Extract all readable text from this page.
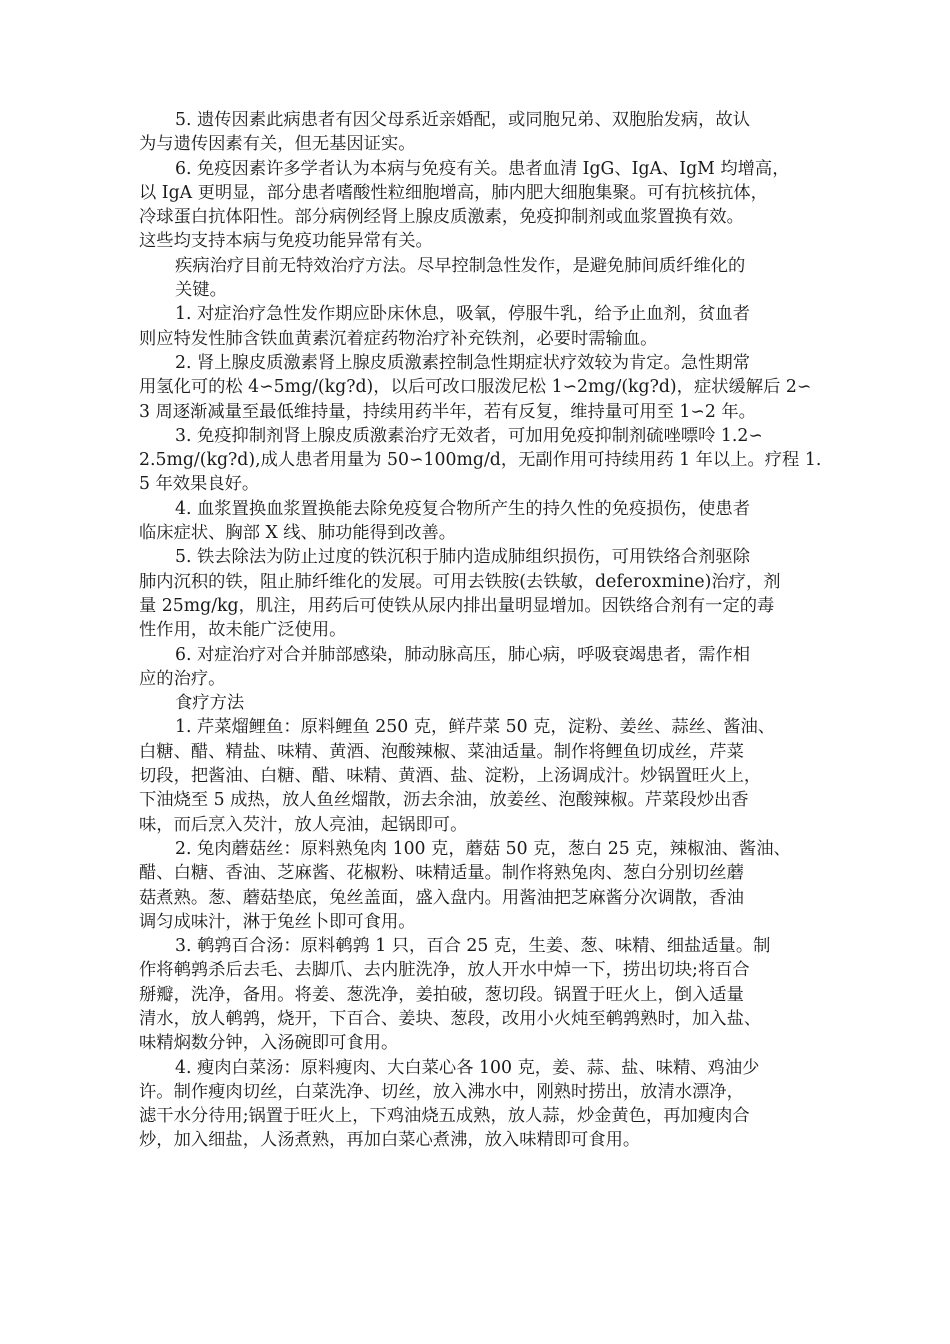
5. 遗传因素此病患者有因父母系近亲婚配，或同胞兄弟、双胞胎发病，故认

为与遗传因素有关，但无基因证实。

6. 免疫因素许多学者认为本病与免疫有关。患者血清 IgG、IgA、IgM 均增高，

以 IgA 更明显，部分患者嗜酸性粒细胞增高，肺内肥大细胞集聚。可有抗核抗体，

冷球蛋白抗体阳性。部分病例经肾上腺皮质激素，免疫抑制剂或血浆置换有效。

这些均支持本病与免疫功能异常有关。

疾病治疗目前无特效治疗方法。尽早控制急性发作，是避免肺间质纤维化的

关键。

1. 对症治疗急性发作期应卧床休息，吸氧，停服牛乳，给予止血剂，贫血者

则应特发性肺含铁血黄素沉着症药物治疗补充铁剂，必要时需输血。

2. 肾上腺皮质激素肾上腺皮质激素控制急性期症状疗效较为肯定。急性期常

用氢化可的松 4∽5mg/(kg?d)，以后可改口服泼尼松 1∽2mg/(kg?d)，症状缓解后 2∽

3 周逐渐减量至最低维持量，持续用药半年，若有反复，维持量可用至 1∽2 年。

3. 免疫抑制剂肾上腺皮质激素治疗无效者，可加用免疫抑制剂硫唑嘌呤 1.2∽

2.5mg/(kg?d),成人患者用量为 50∽100mg/d，无副作用可持续用药 1 年以上。疗程 1.

5 年效果良好。

4. 血浆置换血浆置换能去除免疫复合物所产生的持久性的免疫损伤，使患者

临床症状、胸部 X 线、肺功能得到改善。

5. 铁去除法为防止过度的铁沉积于肺内造成肺组织损伤，可用铁络合剂驱除

肺内沉积的铁，阻止肺纤维化的发展。可用去铁胺(去铁敏，deferoxmine)治疗，剂

量 25mg/kg，肌注，用药后可使铁从尿内排出量明显增加。因铁络合剂有一定的毒

性作用，故未能广泛使用。

6. 对症治疗对合并肺部感染，肺动脉高压，肺心病，呼吸衰竭患者，需作相

应的治疗。

食疗方法

1. 芹菜熘鲤鱼：原料鲤鱼 250 克，鲜芹菜 50 克，淀粉、姜丝、蒜丝、酱油、

白糖、醋、精盐、味精、黄酒、泡酸辣椒、菜油适量。制作将鲤鱼切成丝，芹菜

切段，把酱油、白糖、醋、味精、黄酒、盐、淀粉，上汤调成汁。炒锅置旺火上，

下油烧至 5 成热，放人鱼丝熘散，沥去余油，放姜丝、泡酸辣椒。芹菜段炒出香

味，而后烹入芡汁，放人亮油，起锅即可。

2. 兔肉蘑菇丝：原料熟兔肉 100 克，蘑菇 50 克，葱白 25 克，辣椒油、酱油、

醋、白糖、香油、芝麻酱、花椒粉、味精适量。制作将熟兔肉、葱白分别切丝蘑

菇煮熟。葱、蘑菇垫底，兔丝盖面，盛入盘内。用酱油把芝麻酱分次调散，香油

调匀成味汁，淋于兔丝卜即可食用。

3. 鹌鹑百合汤：原料鹌鹑 1 只，百合 25 克，生姜、葱、味精、细盐适量。制

作将鹌鹑杀后去毛、去脚爪、去内脏洗净，放人开水中焯一下，捞出切块;将百合

掰瓣，洗净，备用。将姜、葱洗净，姜拍破，葱切段。锅置于旺火上，倒入适量

清水，放人鹌鹑，烧开，下百合、姜块、葱段，改用小火炖至鹌鹑熟时，加入盐、

味精焖数分钟，入汤碗即可食用。

4. 瘦肉白菜汤：原料瘦肉、大白菜心各 100 克，姜、蒜、盐、味精、鸡油少

许。制作瘦肉切丝，白菜洗净、切丝，放入沸水中，刚熟时捞出，放清水漂净，

滤干水分待用;锅置于旺火上，下鸡油烧五成熟，放人蒜，炒金黄色，再加瘦肉合

炒，加入细盐，人汤煮熟，再加白菜心煮沸，放入味精即可食用。
